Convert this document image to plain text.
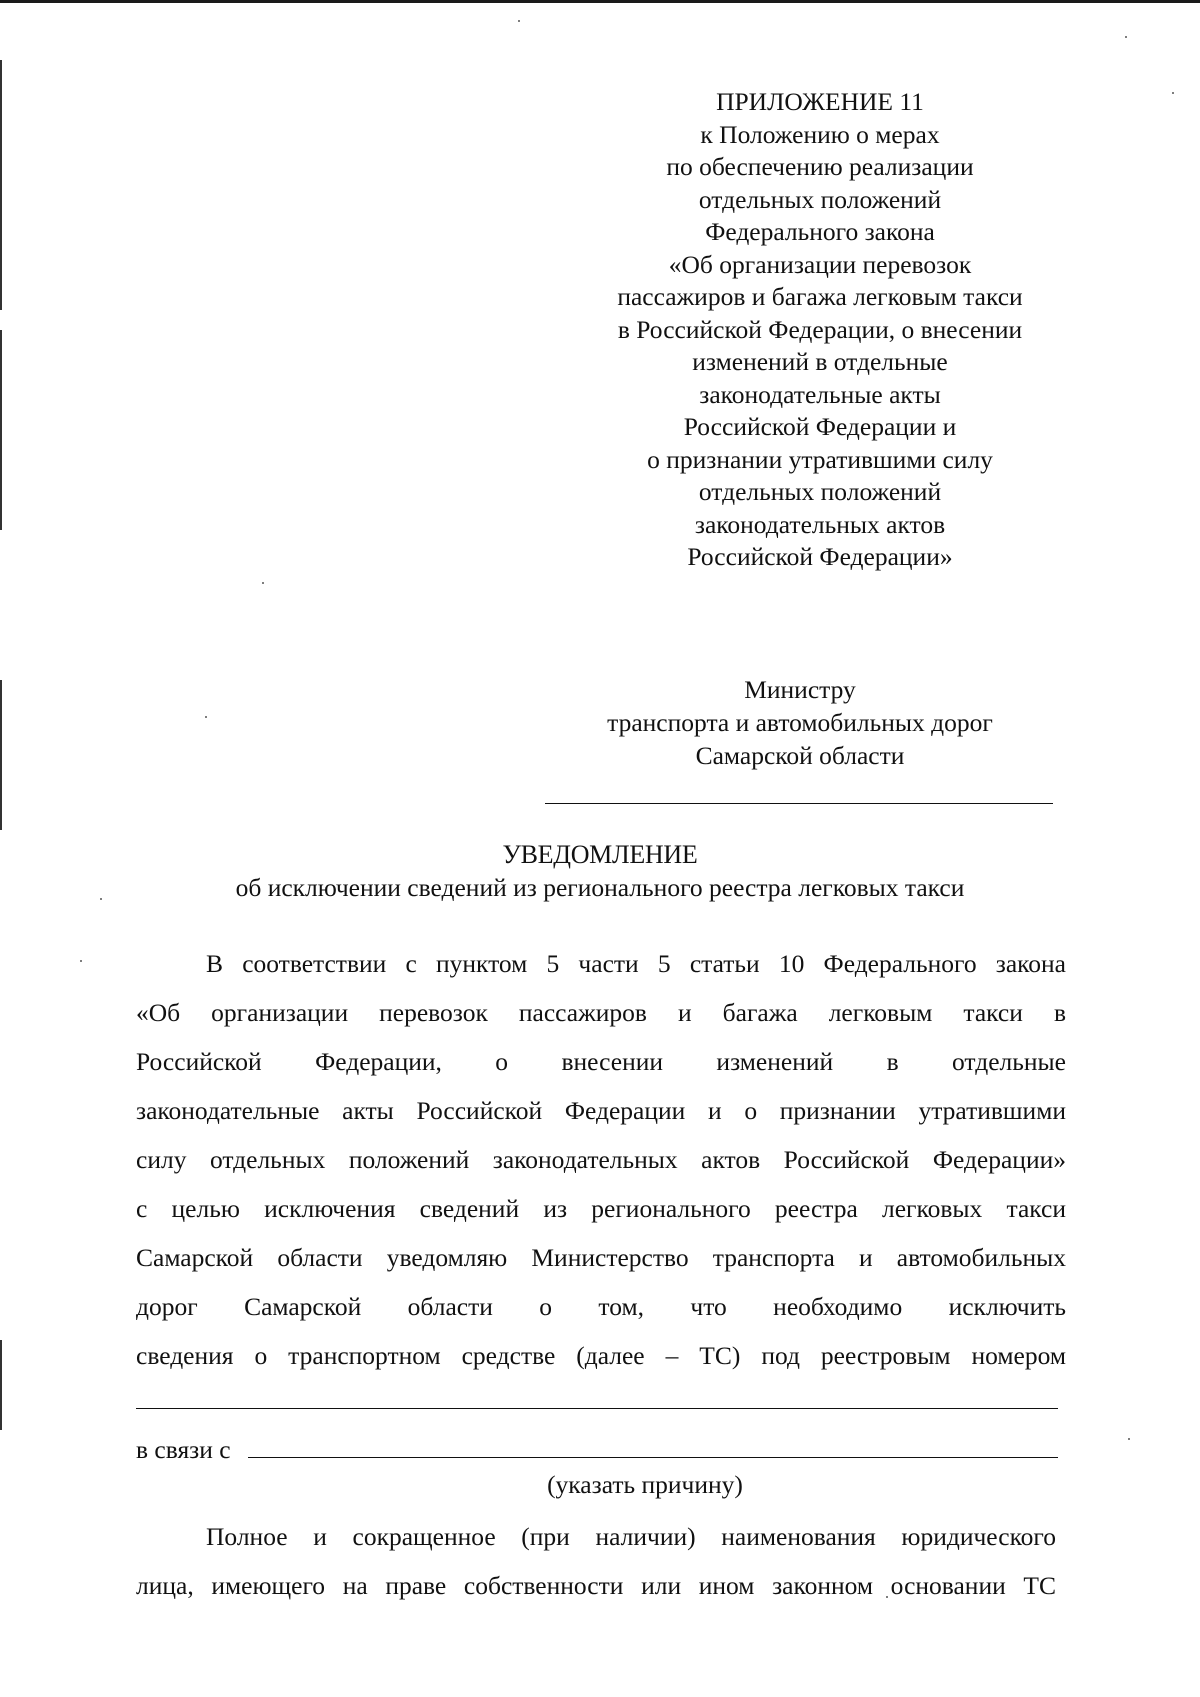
ПРИЛОЖЕНИЕ 11
к Положению о мерах
по обеспечению реализации
отдельных положений
Федерального закона
«Об организации перевозок
пассажиров и багажа легковым такси
в Российской Федерации, о внесении
изменений в отдельные
законодательные акты
Российской Федерации и
о признании утратившими силу
отдельных положений
законодательных актов
Российской Федерации»
Министру
транспорта и автомобильных дорог
Самарской области
УВЕДОМЛЕНИЕ
об исключении сведений из регионального реестра легковых такси
В соответствии с пунктом 5 части 5 статьи 10 Федерального закона
«Об организации перевозок пассажиров и багажа легковым такси в
Российской Федерации, о внесении изменений в отдельные
законодательные акты Российской Федерации и о признании утратившими
силу отдельных положений законодательных актов Российской Федерации»
с целью исключения сведений из регионального реестра легковых такси
Самарской области уведомляю Министерство транспорта и автомобильных
дорог Самарской области о том, что необходимо исключить
сведения о транспортном средстве (далее – ТС) под реестровым номером
в связи с
(указать причину)
Полное и сокращенное (при наличии) наименования юридического
лица, имеющего на праве собственности или ином законном основании ТС
